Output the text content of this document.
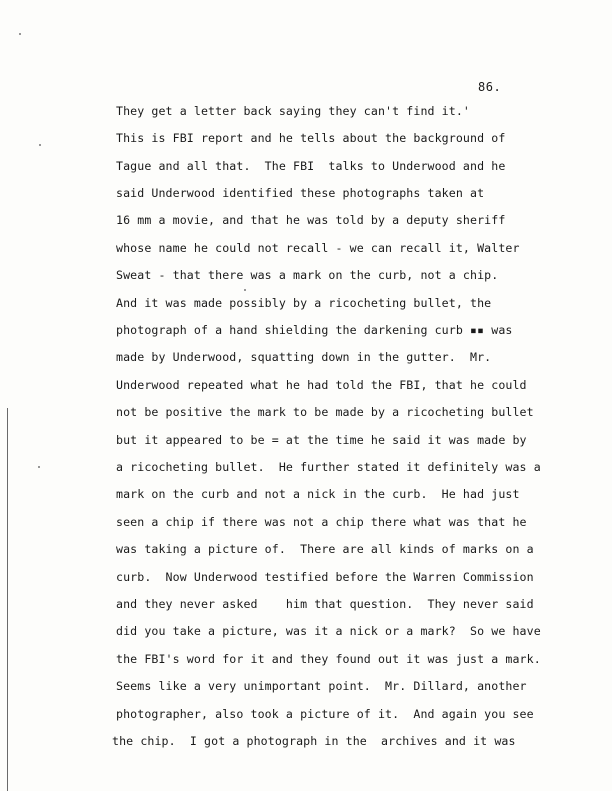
86.
They get a letter back saying they can't find it.'
This is FBI report and he tells about the background of
Tague and all that.  The FBI  talks to Underwood and he
said Underwood identified these photographs taken at
16 mm a movie, and that he was told by a deputy sheriff
whose name he could not recall - we can recall it, Walter
Sweat - that there was a mark on the curb, not a chip.
And it was made possibly by a ricocheting bullet, the
photograph of a hand shielding the darkening curb ▪▪ was
made by Underwood, squatting down in the gutter.  Mr.
Underwood repeated what he had told the FBI, that he could
not be positive the mark to be made by a ricocheting bullet
but it appeared to be = at the time he said it was made by
a ricocheting bullet.  He further stated it definitely was a
mark on the curb and not a nick in the curb.  He had just
seen a chip if there was not a chip there what was that he
was taking a picture of.  There are all kinds of marks on a
curb.  Now Underwood testified before the Warren Commission
and they never asked    him that question.  They never said
did you take a picture, was it a nick or a mark?  So we have
the FBI's word for it and they found out it was just a mark.
Seems like a very unimportant point.  Mr. Dillard, another
photographer, also took a picture of it.  And again you see
the chip.  I got a photograph in the  archives and it was
